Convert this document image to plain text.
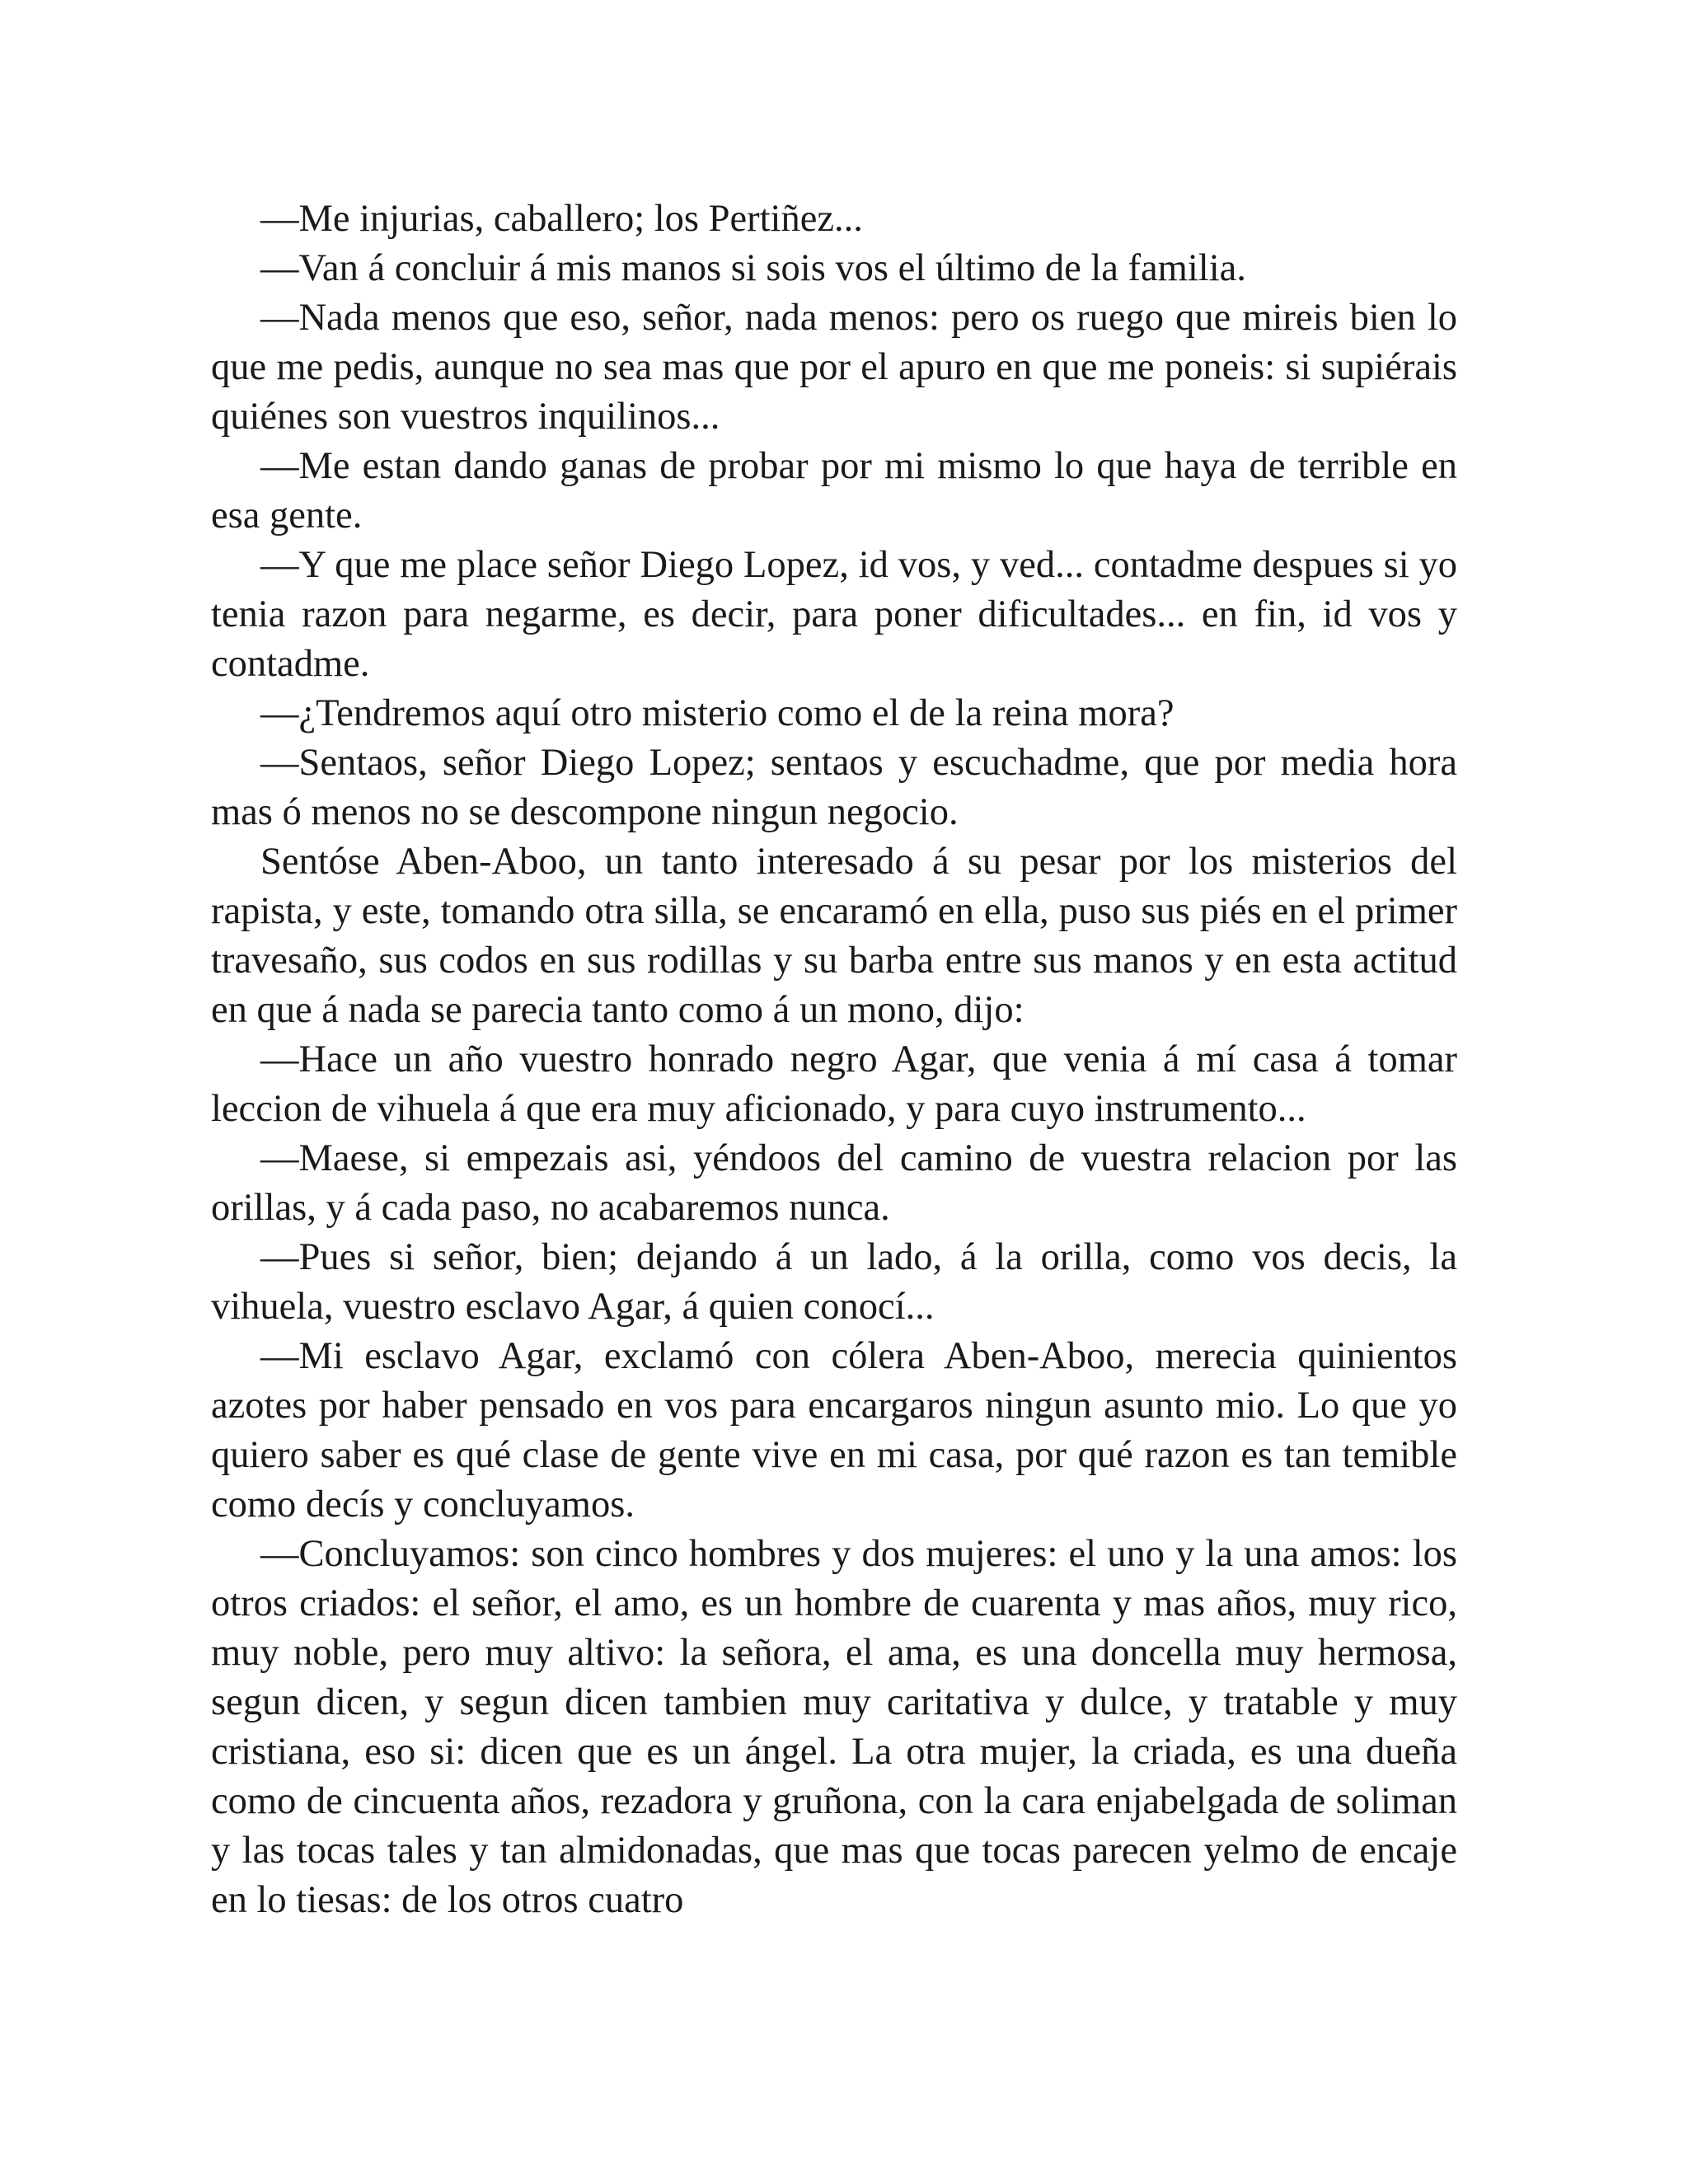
—Me injurias, caballero; los Pertiñez...

—Van á concluir á mis manos si sois vos el último de la familia.

—Nada menos que eso, señor, nada menos: pero os ruego que mireis bien lo que me pedis, aunque no sea mas que por el apuro en que me poneis: si supiérais quiénes son vuestros inquilinos...

—Me estan dando ganas de probar por mi mismo lo que haya de terrible en esa gente.

—Y que me place señor Diego Lopez, id vos, y ved... contadme despues si yo tenia razon para negarme, es decir, para poner dificultades... en fin, id vos y contadme.

—¿Tendremos aquí otro misterio como el de la reina mora?

—Sentaos, señor Diego Lopez; sentaos y escuchadme, que por media hora mas ó menos no se descompone ningun negocio.

Sentóse Aben-Aboo, un tanto interesado á su pesar por los misterios del rapista, y este, tomando otra silla, se encaramó en ella, puso sus piés en el primer travesaño, sus codos en sus rodillas y su barba entre sus manos y en esta actitud en que á nada se parecia tanto como á un mono, dijo:

—Hace un año vuestro honrado negro Agar, que venia á mí casa á tomar leccion de vihuela á que era muy aficionado, y para cuyo instrumento...

—Maese, si empezais asi, yéndoos del camino de vuestra relacion por las orillas, y á cada paso, no acabaremos nunca.

—Pues si señor, bien; dejando á un lado, á la orilla, como vos decis, la vihuela, vuestro esclavo Agar, á quien conocí...

—Mi esclavo Agar, exclamó con cólera Aben-Aboo, merecia quinientos azotes por haber pensado en vos para encargaros ningun asunto mio. Lo que yo quiero saber es qué clase de gente vive en mi casa, por qué razon es tan temible como decís y concluyamos.

—Concluyamos: son cinco hombres y dos mujeres: el uno y la una amos: los otros criados: el señor, el amo, es un hombre de cuarenta y mas años, muy rico, muy noble, pero muy altivo: la señora, el ama, es una doncella muy hermosa, segun dicen, y segun dicen tambien muy caritativa y dulce, y tratable y muy cristiana, eso si: dicen que es un ángel. La otra mujer, la criada, es una dueña como de cincuenta años, rezadora y gruñona, con la cara enjabelgada de soliman y las tocas tales y tan almidonadas, que mas que tocas parecen yelmo de encaje en lo tiesas: de los otros cuatro
